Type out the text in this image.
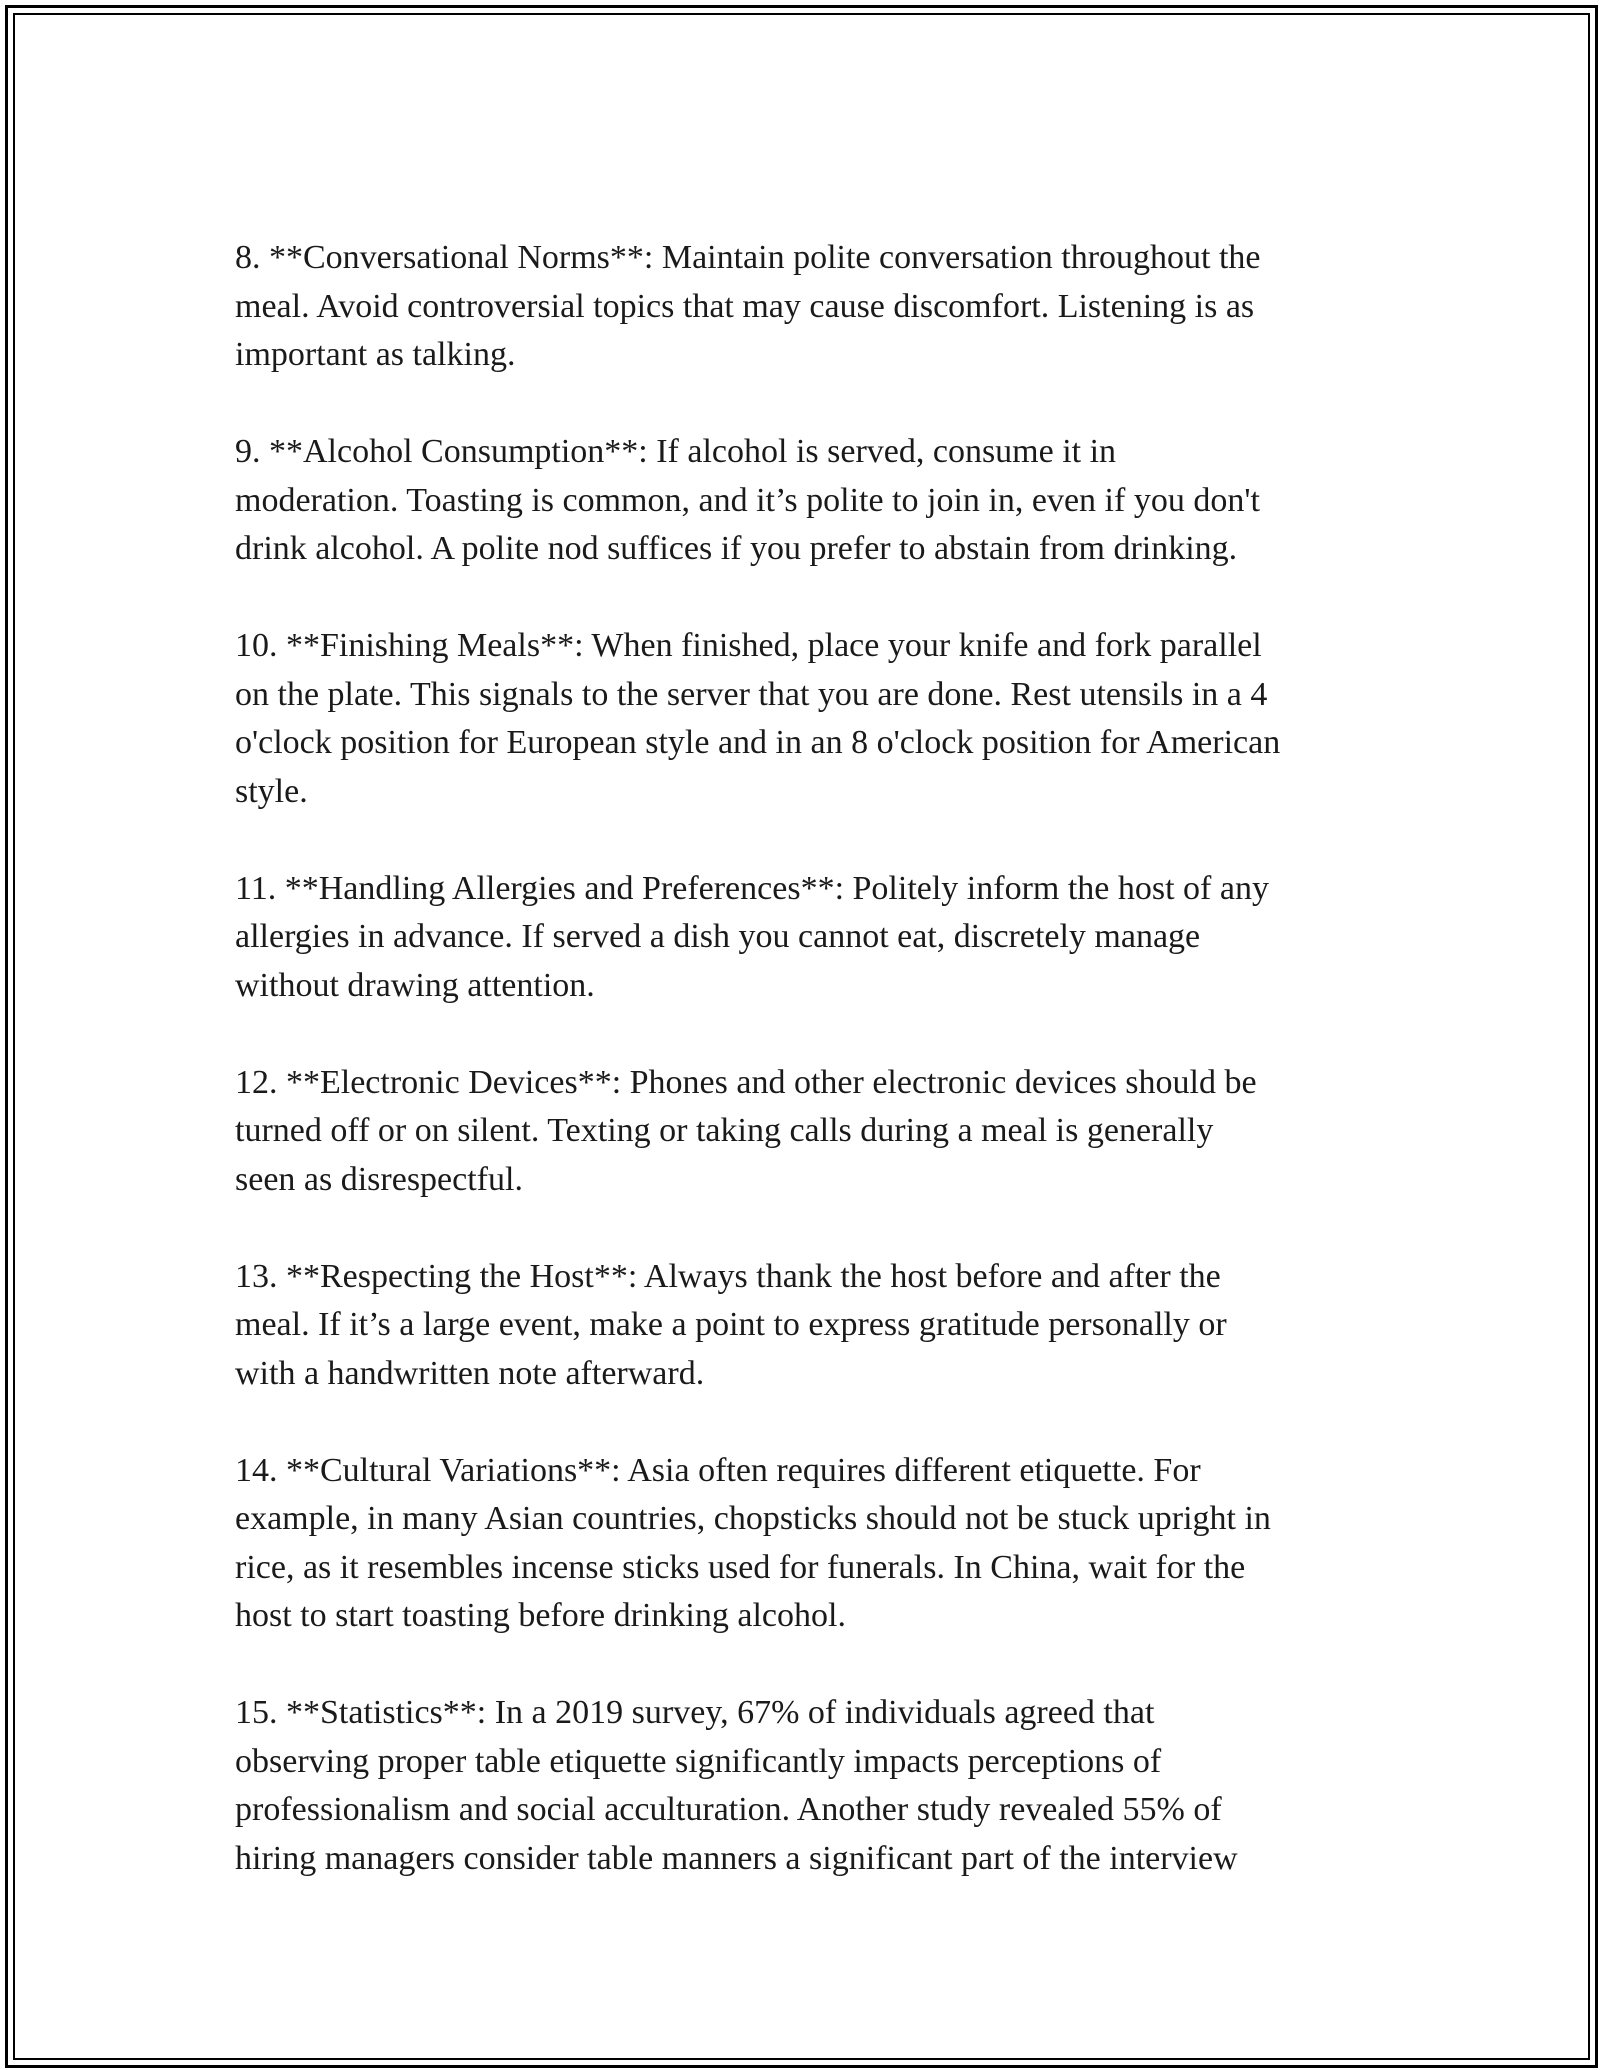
8. **Conversational Norms**: Maintain polite conversation throughout the
meal. Avoid controversial topics that may cause discomfort. Listening is as
important as talking.
9. **Alcohol Consumption**: If alcohol is served, consume it in
moderation. Toasting is common, and it’s polite to join in, even if you don't
drink alcohol. A polite nod suffices if you prefer to abstain from drinking.
10. **Finishing Meals**: When finished, place your knife and fork parallel
on the plate. This signals to the server that you are done. Rest utensils in a 4
o'clock position for European style and in an 8 o'clock position for American
style.
11. **Handling Allergies and Preferences**: Politely inform the host of any
allergies in advance. If served a dish you cannot eat, discretely manage
without drawing attention.
12. **Electronic Devices**: Phones and other electronic devices should be
turned off or on silent. Texting or taking calls during a meal is generally
seen as disrespectful.
13. **Respecting the Host**: Always thank the host before and after the
meal. If it’s a large event, make a point to express gratitude personally or
with a handwritten note afterward.
14. **Cultural Variations**: Asia often requires different etiquette. For
example, in many Asian countries, chopsticks should not be stuck upright in
rice, as it resembles incense sticks used for funerals. In China, wait for the
host to start toasting before drinking alcohol.
15. **Statistics**: In a 2019 survey, 67% of individuals agreed that
observing proper table etiquette significantly impacts perceptions of
professionalism and social acculturation. Another study revealed 55% of
hiring managers consider table manners a significant part of the interview
